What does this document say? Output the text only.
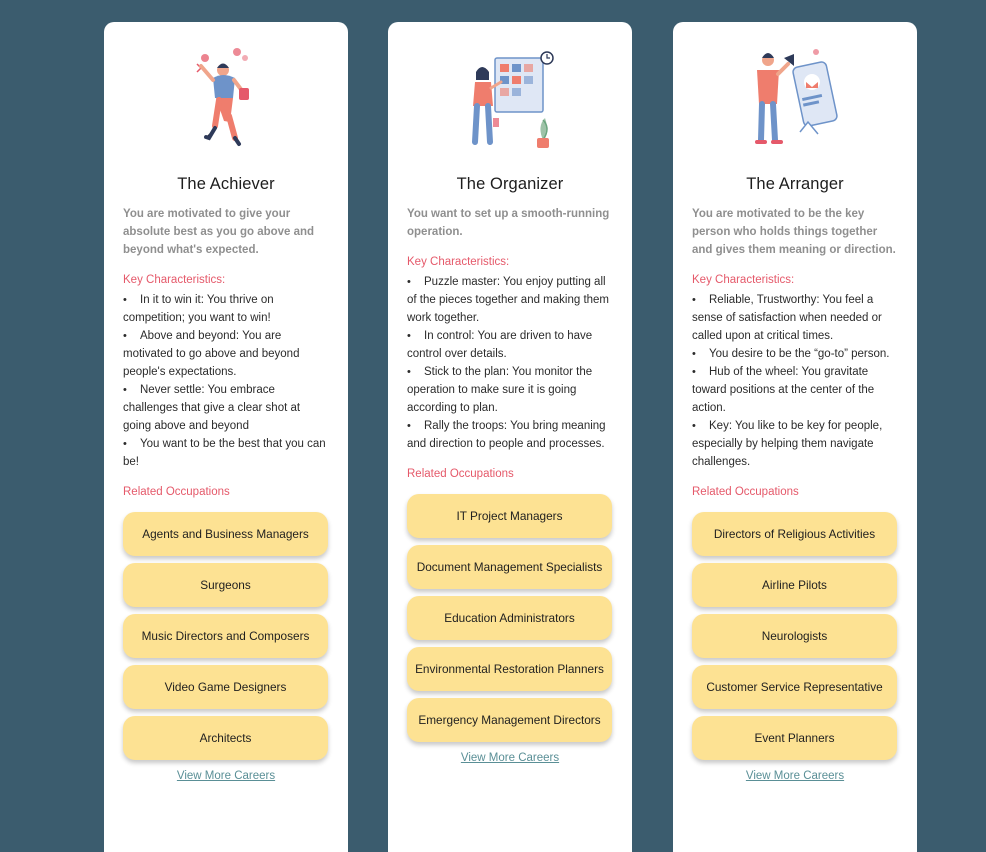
The Achiever
You are motivated to give your absolute best as you go above and beyond what's expected.
Key Characteristics:
• In it to win it: You thrive on competition; you want to win!
• Above and beyond: You are motivated to go above and beyond people's expectations.
• Never settle: You embrace challenges that give a clear shot at going above and beyond
• You want to be the best that you can be!
Related Occupations
Agents and Business Managers
Surgeons
Music Directors and Composers
Video Game Designers
Architects
View More Careers
The Organizer
You want to set up a smooth-running operation.
Key Characteristics:
• Puzzle master: You enjoy putting all of the pieces together and making them work together.
• In control: You are driven to have control over details.
• Stick to the plan: You monitor the operation to make sure it is going according to plan.
• Rally the troops: You bring meaning and direction to people and processes.
Related Occupations
IT Project Managers
Document Management Specialists
Education Administrators
Environmental Restoration Planners
Emergency Management Directors
View More Careers
The Arranger
You are motivated to be the key person who holds things together and gives them meaning or direction.
Key Characteristics:
• Reliable, Trustworthy: You feel a sense of satisfaction when needed or called upon at critical times.
• You desire to be the “go-to” person.
• Hub of the wheel: You gravitate toward positions at the center of the action.
• Key: You like to be key for people, especially by helping them navigate challenges.
Related Occupations
Directors of Religious Activities
Airline Pilots
Neurologists
Customer Service Representative
Event Planners
View More Careers
